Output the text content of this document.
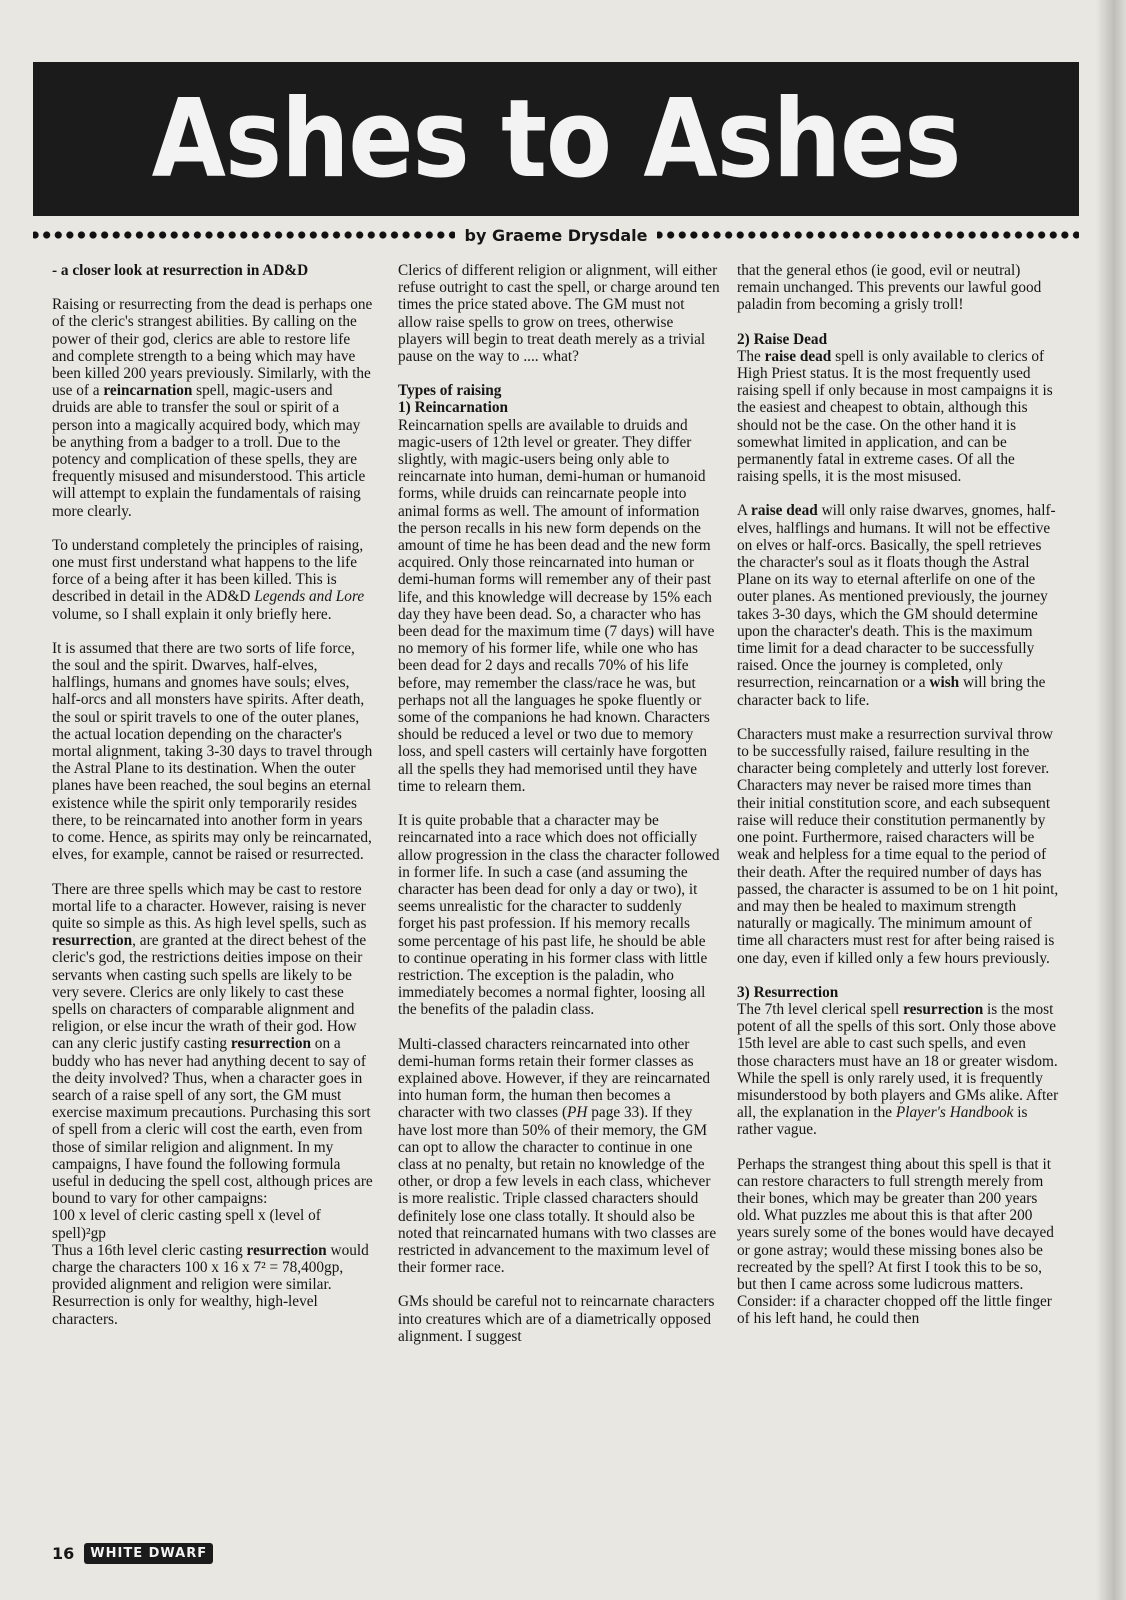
Ashes to Ashes
by Graeme Drysdale

- a closer look at resurrection in AD&D

Raising or resurrecting from the dead is perhaps one of the cleric's strangest abilities. By calling on the power of their god, clerics are able to restore life and complete strength to a being which may have been killed 200 years previously. Similarly, with the use of a reincarnation spell, magic-users and druids are able to transfer the soul or spirit of a person into a magically acquired body, which may be anything from a badger to a troll. Due to the potency and complication of these spells, they are frequently misused and misunderstood. This article will attempt to explain the fundamentals of raising more clearly.

To understand completely the principles of raising, one must first understand what happens to the life force of a being after it has been killed. This is described in detail in the AD&D Legends and Lore volume, so I shall explain it only briefly here.

It is assumed that there are two sorts of life force, the soul and the spirit. Dwarves, half-elves, halflings, humans and gnomes have souls; elves, half-orcs and all monsters have spirits. After death, the soul or spirit travels to one of the outer planes, the actual location depending on the character's mortal alignment, taking 3-30 days to travel through the Astral Plane to its destination. When the outer planes have been reached, the soul begins an eternal existence while the spirit only temporarily resides there, to be reincarnated into another form in years to come. Hence, as spirits may only be reincarnated, elves, for example, cannot be raised or resurrected.

There are three spells which may be cast to restore mortal life to a character. However, raising is never quite so simple as this. As high level spells, such as resurrection, are granted at the direct behest of the cleric's god, the restrictions deities impose on their servants when casting such spells are likely to be very severe. Clerics are only likely to cast these spells on characters of comparable alignment and religion, or else incur the wrath of their god. How can any cleric justify casting resurrection on a buddy who has never had anything decent to say of the deity involved? Thus, when a character goes in search of a raise spell of any sort, the GM must exercise maximum precautions. Purchasing this sort of spell from a cleric will cost the earth, even from those of similar religion and alignment. In my campaigns, I have found the following formula useful in deducing the spell cost, although prices are bound to vary for other campaigns:
100 x level of cleric casting spell x (level of spell)²gp
Thus a 16th level cleric casting resurrection would charge the characters 100 x 16 x 7² = 78,400gp, provided alignment and religion were similar. Resurrection is only for wealthy, high-level characters.

Clerics of different religion or alignment, will either refuse outright to cast the spell, or charge around ten times the price stated above. The GM must not allow raise spells to grow on trees, otherwise players will begin to treat death merely as a trivial pause on the way to .... what?

Types of raising
1) Reincarnation
Reincarnation spells are available to druids and magic-users of 12th level or greater. They differ slightly, with magic-users being only able to reincarnate into human, demi-human or humanoid forms, while druids can reincarnate people into animal forms as well. The amount of information the person recalls in his new form depends on the amount of time he has been dead and the new form acquired. Only those reincarnated into human or demi-human forms will remember any of their past life, and this knowledge will decrease by 15% each day they have been dead. So, a character who has been dead for the maximum time (7 days) will have no memory of his former life, while one who has been dead for 2 days and recalls 70% of his life before, may remember the class/race he was, but perhaps not all the languages he spoke fluently or some of the companions he had known. Characters should be reduced a level or two due to memory loss, and spell casters will certainly have forgotten all the spells they had memorised until they have time to relearn them.

It is quite probable that a character may be reincarnated into a race which does not officially allow progression in the class the character followed in former life. In such a case (and assuming the character has been dead for only a day or two), it seems unrealistic for the character to suddenly forget his past profession. If his memory recalls some percentage of his past life, he should be able to continue operating in his former class with little restriction. The exception is the paladin, who immediately becomes a normal fighter, loosing all the benefits of the paladin class.

Multi-classed characters reincarnated into other demi-human forms retain their former classes as explained above. However, if they are reincarnated into human form, the human then becomes a character with two classes (PH page 33). If they have lost more than 50% of their memory, the GM can opt to allow the character to continue in one class at no penalty, but retain no knowledge of the other, or drop a few levels in each class, whichever is more realistic. Triple classed characters should definitely lose one class totally. It should also be noted that reincarnated humans with two classes are restricted in advancement to the maximum level of their former race.

GMs should be careful not to reincarnate characters into creatures which are of a diametrically opposed alignment. I suggest

that the general ethos (ie good, evil or neutral) remain unchanged. This prevents our lawful good paladin from becoming a grisly troll!

2) Raise Dead
The raise dead spell is only available to clerics of High Priest status. It is the most frequently used raising spell if only because in most campaigns it is the easiest and cheapest to obtain, although this should not be the case. On the other hand it is somewhat limited in application, and can be permanently fatal in extreme cases. Of all the raising spells, it is the most misused.

A raise dead will only raise dwarves, gnomes, half-elves, halflings and humans. It will not be effective on elves or half-orcs. Basically, the spell retrieves the character's soul as it floats though the Astral Plane on its way to eternal afterlife on one of the outer planes. As mentioned previously, the journey takes 3-30 days, which the GM should determine upon the character's death. This is the maximum time limit for a dead character to be successfully raised. Once the journey is completed, only resurrection, reincarnation or a wish will bring the character back to life.

Characters must make a resurrection survival throw to be successfully raised, failure resulting in the character being completely and utterly lost forever. Characters may never be raised more times than their initial constitution score, and each subsequent raise will reduce their constitution permanently by one point. Furthermore, raised characters will be weak and helpless for a time equal to the period of their death. After the required number of days has passed, the character is assumed to be on 1 hit point, and may then be healed to maximum strength naturally or magically. The minimum amount of time all characters must rest for after being raised is one day, even if killed only a few hours previously.

3) Resurrection
The 7th level clerical spell resurrection is the most potent of all the spells of this sort. Only those above 15th level are able to cast such spells, and even those characters must have an 18 or greater wisdom. While the spell is only rarely used, it is frequently misunderstood by both players and GMs alike. After all, the explanation in the Player's Handbook is rather vague.

Perhaps the strangest thing about this spell is that it can restore characters to full strength merely from their bones, which may be greater than 200 years old. What puzzles me about this is that after 200 years surely some of the bones would have decayed or gone astray; would these missing bones also be recreated by the spell? At first I took this to be so, but then I came across some ludicrous matters. Consider: if a character chopped off the little finger of his left hand, he could then

16	WHITE DWARF
